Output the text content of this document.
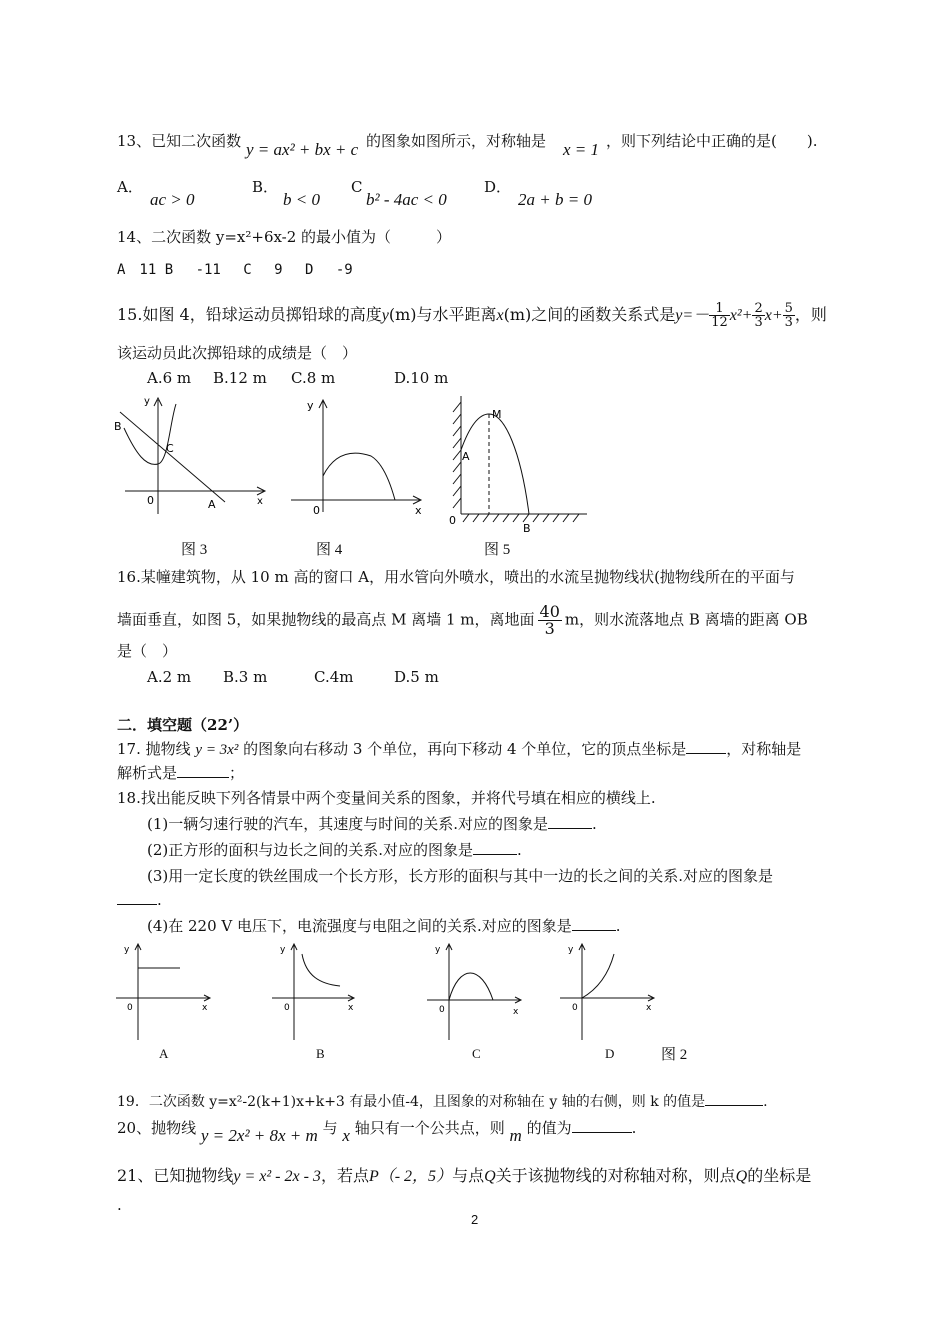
13、已知二次函数 y = ax² + bx + c 的图象如图所示，对称轴是 x = 1 ，则下列结论中正确的是(　　).
A．
ac > 0
B．
b < 0
C
b² - 4ac < 0
D．
2a + b = 0
14、二次函数 y=x²+6x-2 的最小值为（　　　）
A　11 B　 -11　 C　 9　 D　 -9
15.如图 4，铅球运动员掷铅球的高度y(m)与水平距离x(m)之间的函数关系式是$y=- \frac{1}{12} x^2+ \frac{2}{3} x+ \frac{5}{3}$ ，则
该运动员此次掷铅球的成绩是（　）
A.6 m B.12 m C.8 m	D.10 m
y
x
0
B
C
A
y
x
0
M
A
0
B
图 3	图 4	图 5
16.某幢建筑物，从 10 m 高的窗口 A，用水管向外喷水，喷出的水流呈抛物线状(抛物线所在的平面与
墙面垂直，如图 5，如果抛物线的最高点 M 离墙 1 m，离地面 $\frac{40}{3}$ m，则水流落地点 B 离墙的距离 OB
是（　）
A.2 m B.3 m	C.4m	D.5 m
二．填空题（22’）
17. 抛物线 y = 3x² 的图象向右移动 3 个单位，再向下移动 4 个单位，它的顶点坐标是	，对称轴是
解析式是	；
18.找出能反映下列各情景中两个变量间关系的图象，并将代号填在相应的横线上.
(1)一辆匀速行驶的汽车，其速度与时间的关系.对应的图象是	.
(2)正方形的面积与边长之间的关系.对应的图象是	.
(3)用一定长度的铁丝围成一个长方形，长方形的面积与其中一边的长之间的关系.对应的图象是
.
(4)在 220 V 电压下，电流强度与电阻之间的关系.对应的图象是	.
y
x
0
y
x
0
y
x
0
y
x
0
A	B	C	D	图 2
19．二次函数 y=x²-2(k+1)x+k+3 有最小值-4，且图象的对称轴在 y 轴的右侧，则 k 的值是	.
20、抛物线 y = 2x² + 8x + m 与 x 轴只有一个公共点，则 m 的值为	.
21、已知抛物线y = x² - 2x - 3，若点P（- 2，5）与点Q关于该抛物线的对称轴对称，则点Q的坐标是
.
2
